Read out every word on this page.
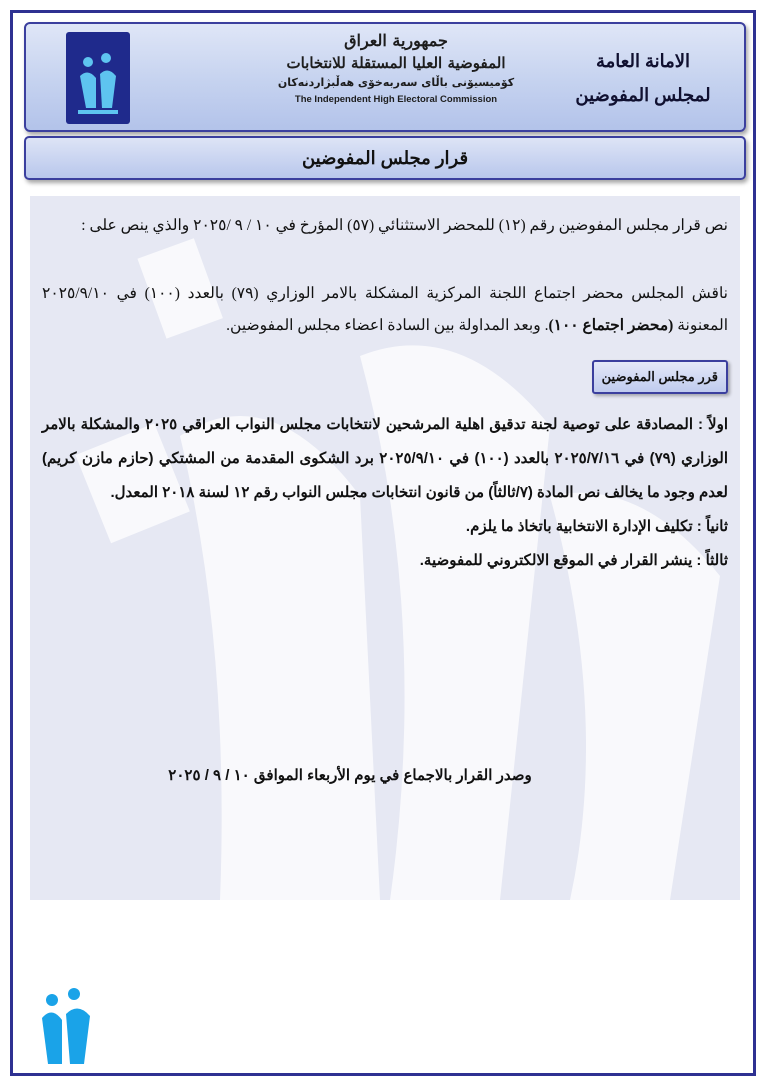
جمهورية العراق
المفوضية العليا المستقلة للانتخابات
كۆمیسیۆنی باڵای سەربەخۆی هەڵبژاردنەکان
The Independent High Electoral Commission
الامانة العامة
لمجلس المفوضين
قرار مجلس المفوضين

نص قرار مجلس المفوضين رقم (١٢) للمحضر الاستثنائي (٥٧) المؤرخ في ١٠ / ٩ /٢٠٢٥ والذي ينص على :

ناقش المجلس محضر اجتماع اللجنة المركزية المشكلة بالامر الوزاري (٧٩) بالعدد (١٠٠) في ٢٠٢٥/٩/١٠ المعنونة (محضر اجتماع ١٠٠). وبعد المداولة بين السادة اعضاء مجلس المفوضين.

قرر مجلس المفوضين
اولاً : المصادقة على توصية لجنة تدقيق اهلية المرشحين لانتخابات مجلس النواب العراقي ٢٠٢٥ والمشكلة بالامر الوزاري (٧٩) في ٢٠٢٥/٧/١٦ بالعدد (١٠٠) في ٢٠٢٥/٩/١٠ برد الشكوى المقدمة من المشتكي (حازم مازن كريم) لعدم وجود ما يخالف نص المادة (٧/ثالثاً) من قانون انتخابات مجلس النواب رقم ١٢ لسنة ٢٠١٨ المعدل.
ثانياً : تكليف الإدارة الانتخابية باتخاذ ما يلزم.
ثالثاً : ينشر القرار في الموقع الالكتروني للمفوضية.
وصدر القرار بالاجماع في يوم الأربعاء الموافق ١٠ / ٩ / ٢٠٢٥
